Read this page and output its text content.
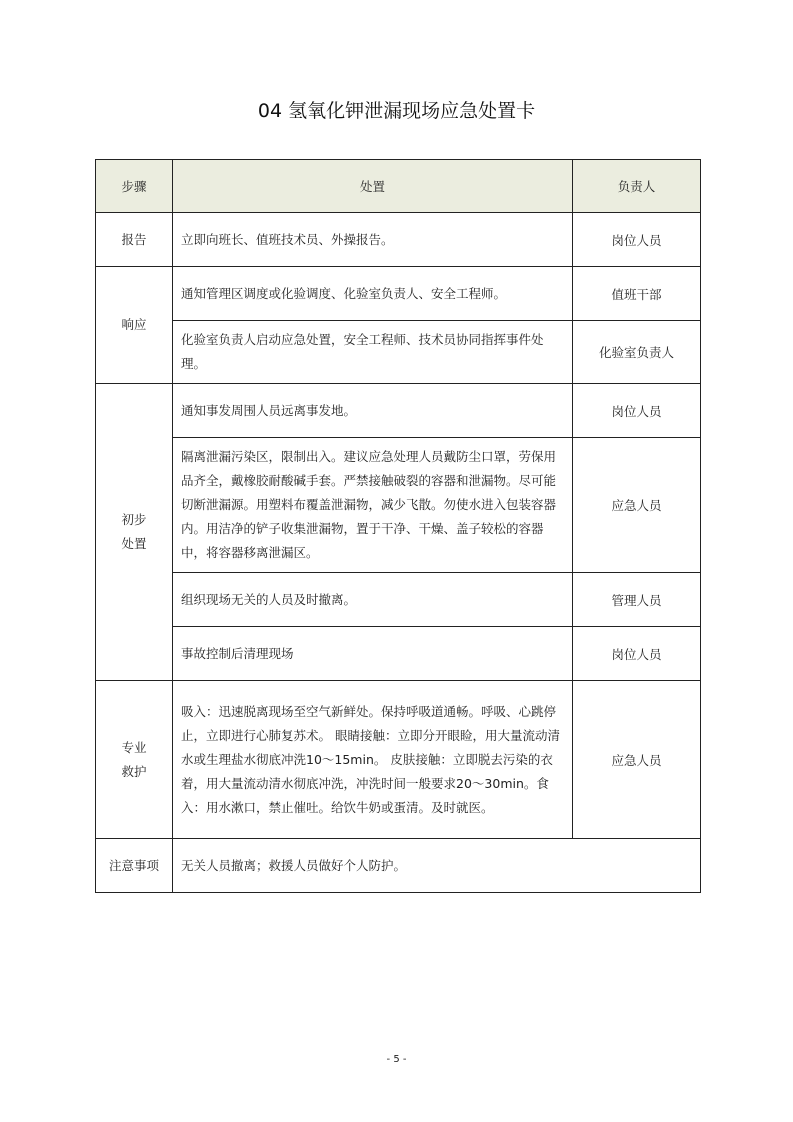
04 氢氧化钾泄漏现场应急处置卡
步骤	处置	负责人
报告	立即向班长、值班技术员、外操报告。	岗位人员
响应	通知管理区调度或化验调度、化验室负责人、安全工程师。	值班干部
	化验室负责人启动应急处置，安全工程师、技术员协同指挥事件处理。	化验室负责人
初步处置	通知事发周围人员远离事发地。	岗位人员
	隔离泄漏污染区，限制出入。建议应急处理人员戴防尘口罩，劳保用品齐全，戴橡胶耐酸碱手套。严禁接触破裂的容器和泄漏物。尽可能切断泄漏源。用塑料布覆盖泄漏物，减少飞散。勿使水进入包装容器内。用洁净的铲子收集泄漏物，置于干净、干燥、盖子较松的容器中，将容器移离泄漏区。	应急人员
	组织现场无关的人员及时撤离。	管理人员
	事故控制后清理现场	岗位人员
专业救护	吸入：迅速脱离现场至空气新鲜处。保持呼吸道通畅。呼吸、心跳停止，立即进行心肺复苏术。 眼睛接触：立即分开眼睑，用大量流动清水或生理盐水彻底冲洗10～15min。 皮肤接触：立即脱去污染的衣着，用大量流动清水彻底冲洗，冲洗时间一般要求20～30min。食入：用水漱口，禁止催吐。给饮牛奶或蛋清。及时就医。	应急人员
注意事项	无关人员撤离；救援人员做好个人防护。	
- 5 -
